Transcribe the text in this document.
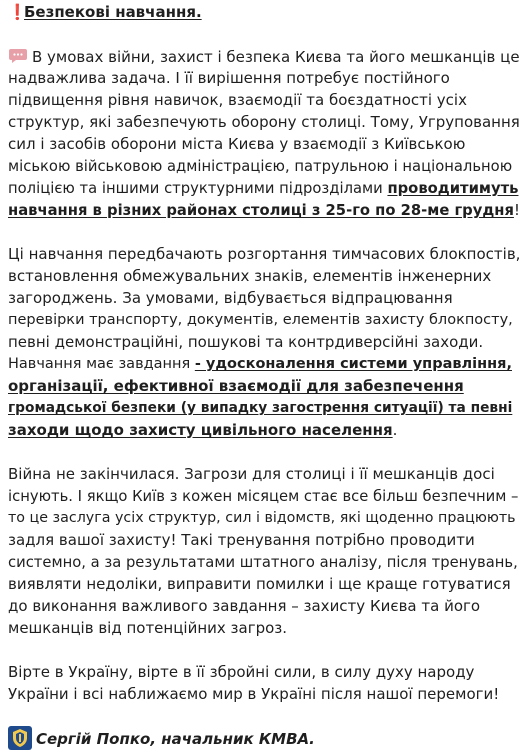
❗Безпекові навчання.
В умовах війни, захист і безпека Києва та його мешканців це
надважлива задача. І її вирішення потребує постійного
підвищення рівня навичок, взаємодії та боєздатності усіх
структур, які забезпечують оборону столиці. Тому, Угруповання
сил і засобів оборони міста Києва у взаємодії з Київською
міською військовою адміністрацією, патрульною і національною
поліцією та іншими структурними підрозділами проводитимуть
навчання в різних районах столиці з 25-го по 28-ме грудня!
Ці навчання передбачають розгортання тимчасових блокпостів,
встановлення обмежувальних знаків, елементів інженерних
загороджень. За умовами, відбувається відпрацювання
перевірки транспорту, документів, елементів захисту блокпосту,
певні демонстраційні, пошукові та контрдиверсійні заходи.
Навчання має завдання - удосконалення системи управління,
організації, ефективної взаємодії для забезпечення
громадської безпеки (у випадку загострення ситуації) та певні
заходи щодо захисту цивільного населення.
Війна не закінчилася. Загрози для столиці і її мешканців досі
існують. І якщо Київ з кожен місяцем стає все більш безпечним –
то це заслуга усіх структур, сил і відомств, які щоденно працюють
задля вашої захисту! Такі тренування потрібно проводити
системно, а за результатами штатного аналізу, після тренувань,
виявляти недоліки, виправити помилки і ще краще готуватися
до виконання важливого завдання – захисту Києва та його
мешканців від потенційних загроз.
Вірте в Україну, вірте в її збройні сили, в силу духу народу
України і всі наближаємо мир в Україні після нашої перемоги!
Сергій Попко, начальник КМВА.
